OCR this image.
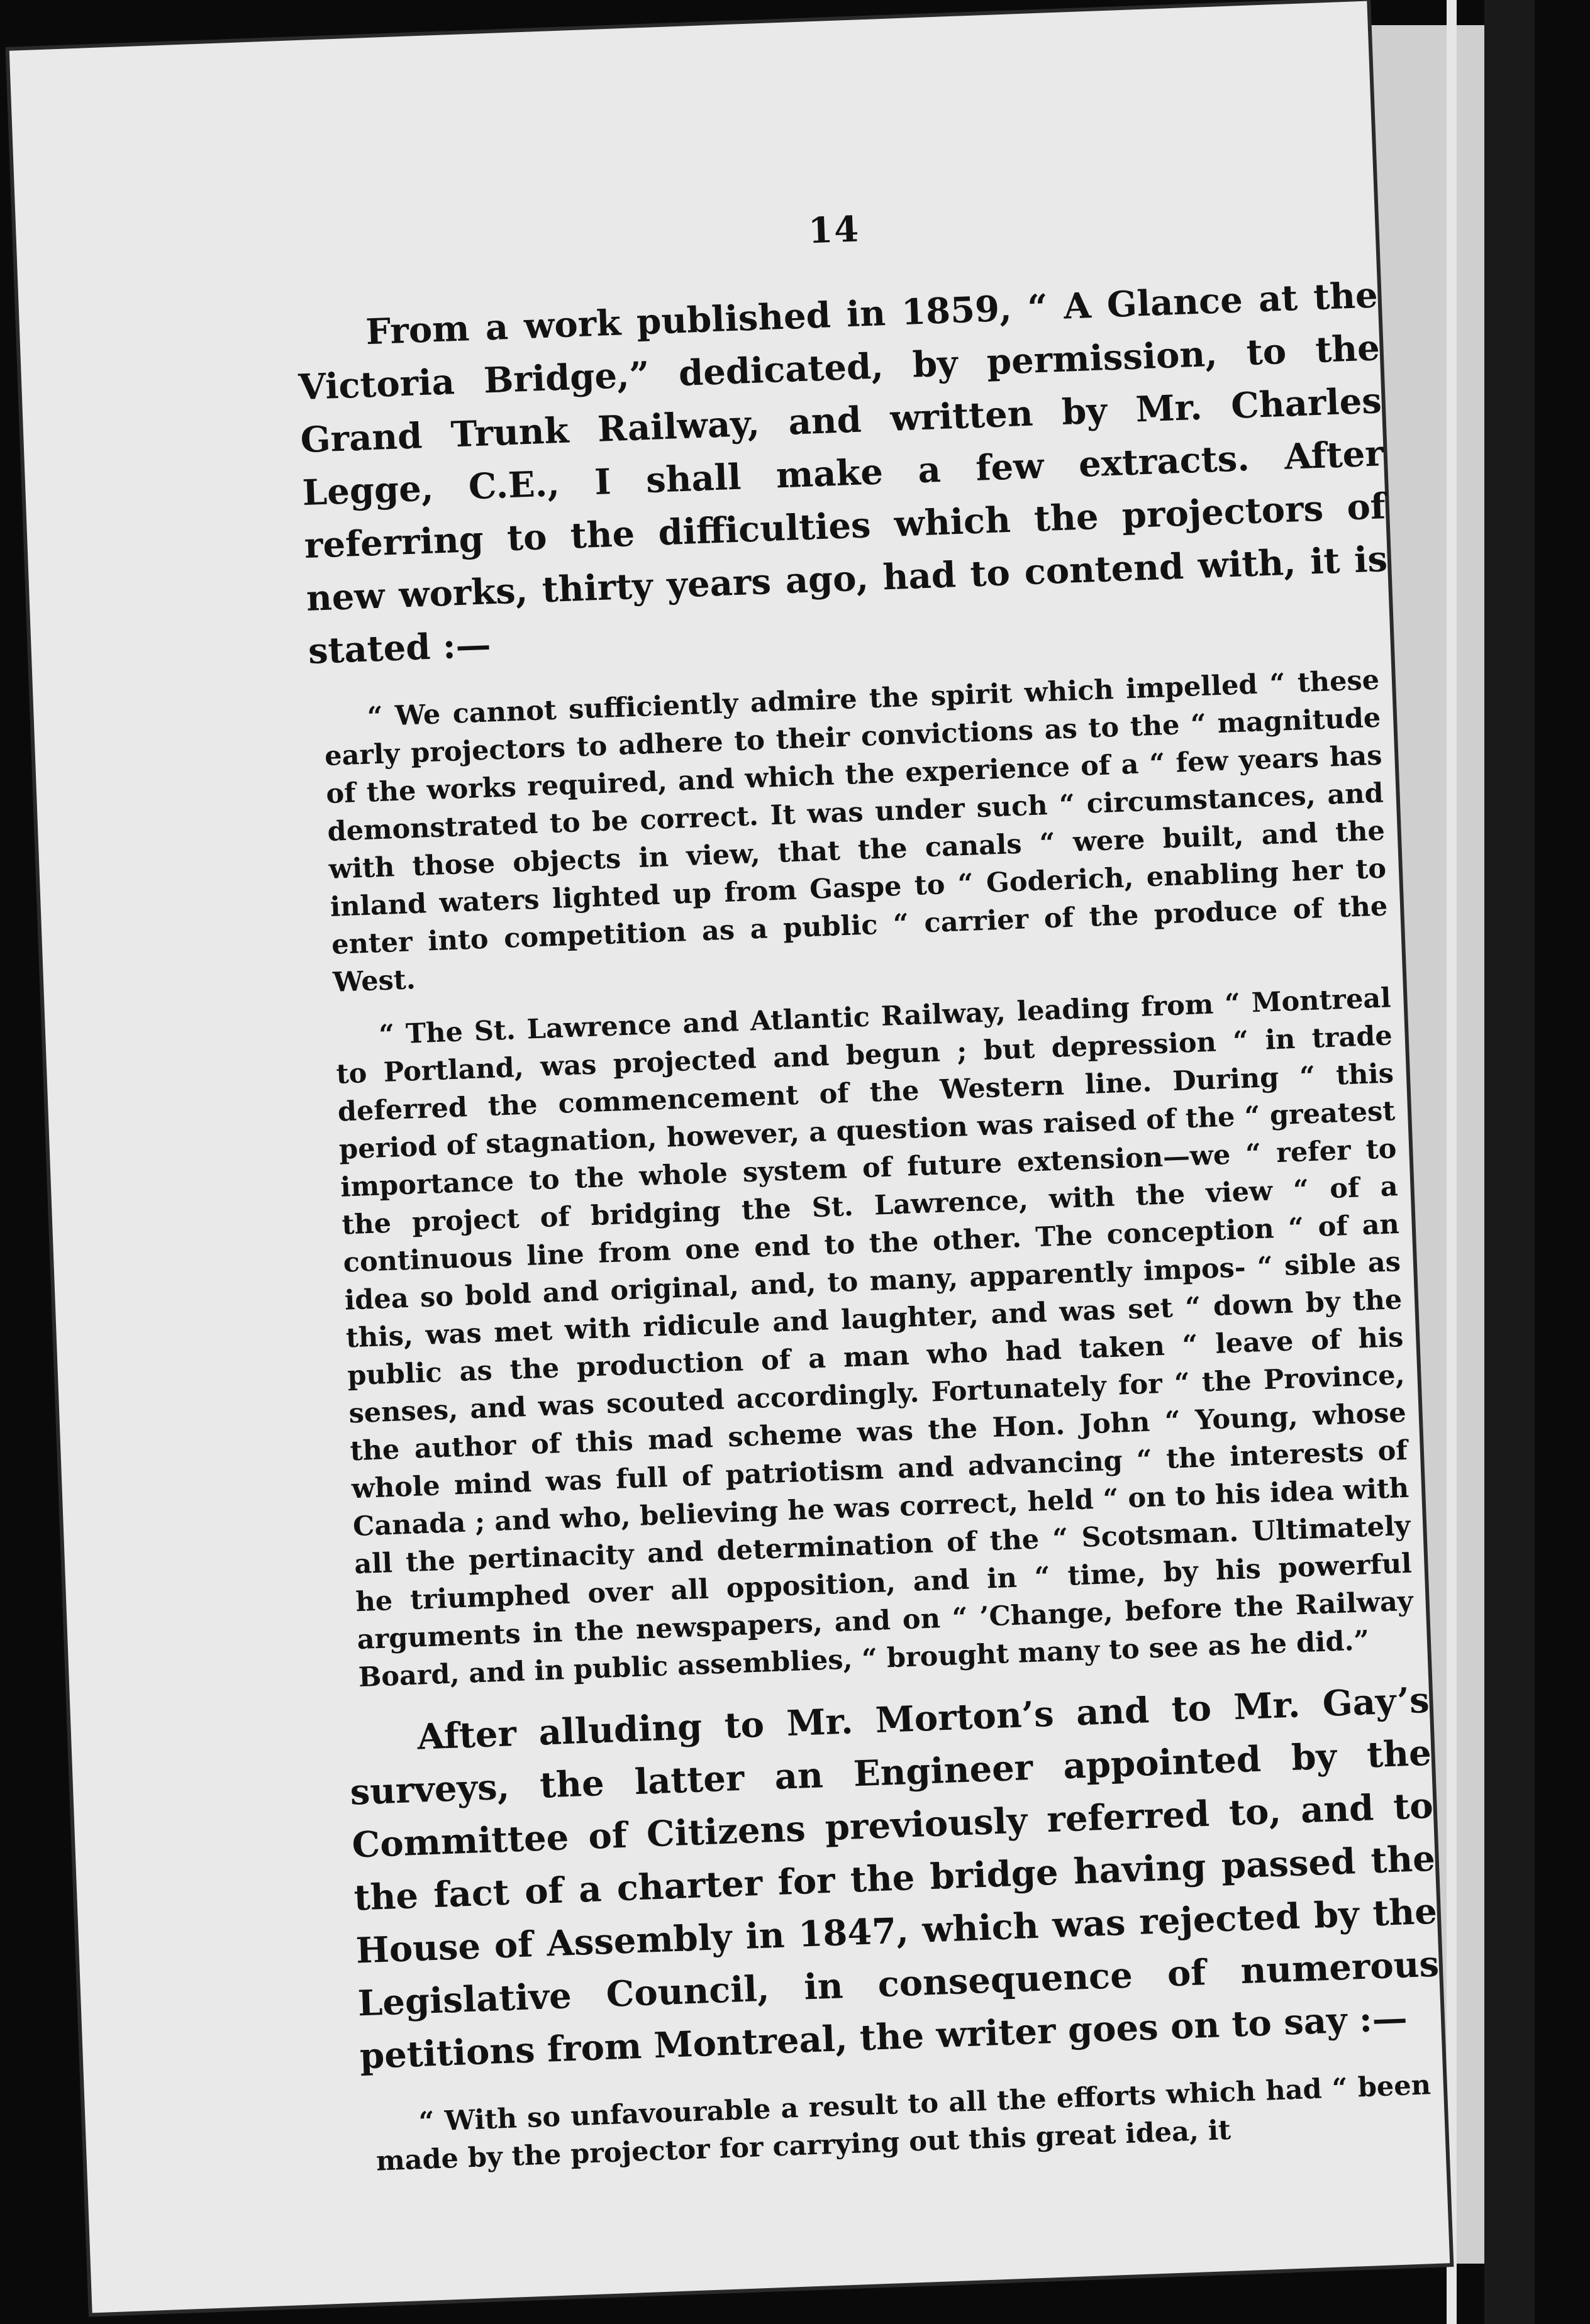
14

From a work published in 1859, “ A Glance at the Victoria Bridge,” dedicated, by permission, to the Grand Trunk Railway, and written by Mr. Charles Legge, C.E., I shall make a few extracts. After referring to the difficulties which the projectors of new works, thirty years ago, had to contend with, it is stated :—

“ We cannot sufficiently admire the spirit which impelled “ these early projectors to adhere to their convictions as to the “ magnitude of the works required, and which the experience of a “ few years has demonstrated to be correct. It was under such “ circumstances, and with those objects in view, that the canals “ were built, and the inland waters lighted up from Gaspe to “ Goderich, enabling her to enter into competition as a public “ carrier of the produce of the West.

“ The St. Lawrence and Atlantic Railway, leading from “ Montreal to Portland, was projected and begun ; but depression “ in trade deferred the commencement of the Western line. During “ this period of stagnation, however, a question was raised of the “ greatest importance to the whole system of future extension—we “ refer to the project of bridging the St. Lawrence, with the view “ of a continuous line from one end to the other. The conception “ of an idea so bold and original, and, to many, apparently impos- “ sible as this, was met with ridicule and laughter, and was set “ down by the public as the production of a man who had taken “ leave of his senses, and was scouted accordingly. Fortunately for “ the Province, the author of this mad scheme was the Hon. John “ Young, whose whole mind was full of patriotism and advancing “ the interests of Canada ; and who, believing he was correct, held “ on to his idea with all the pertinacity and determination of the “ Scotsman. Ultimately he triumphed over all opposition, and in “ time, by his powerful arguments in the newspapers, and on “ ’Change, before the Railway Board, and in public assemblies, “ brought many to see as he did.”

After alluding to Mr. Morton’s and to Mr. Gay’s surveys, the latter an Engineer appointed by the Committee of Citizens previously referred to, and to the fact of a charter for the bridge having passed the House of Assembly in 1847, which was rejected by the Legislative Council, in consequence of numerous petitions from Montreal, the writer goes on to say :—

“ With so unfavourable a result to all the efforts which had “ been made by the projector for carrying out this great idea, it
